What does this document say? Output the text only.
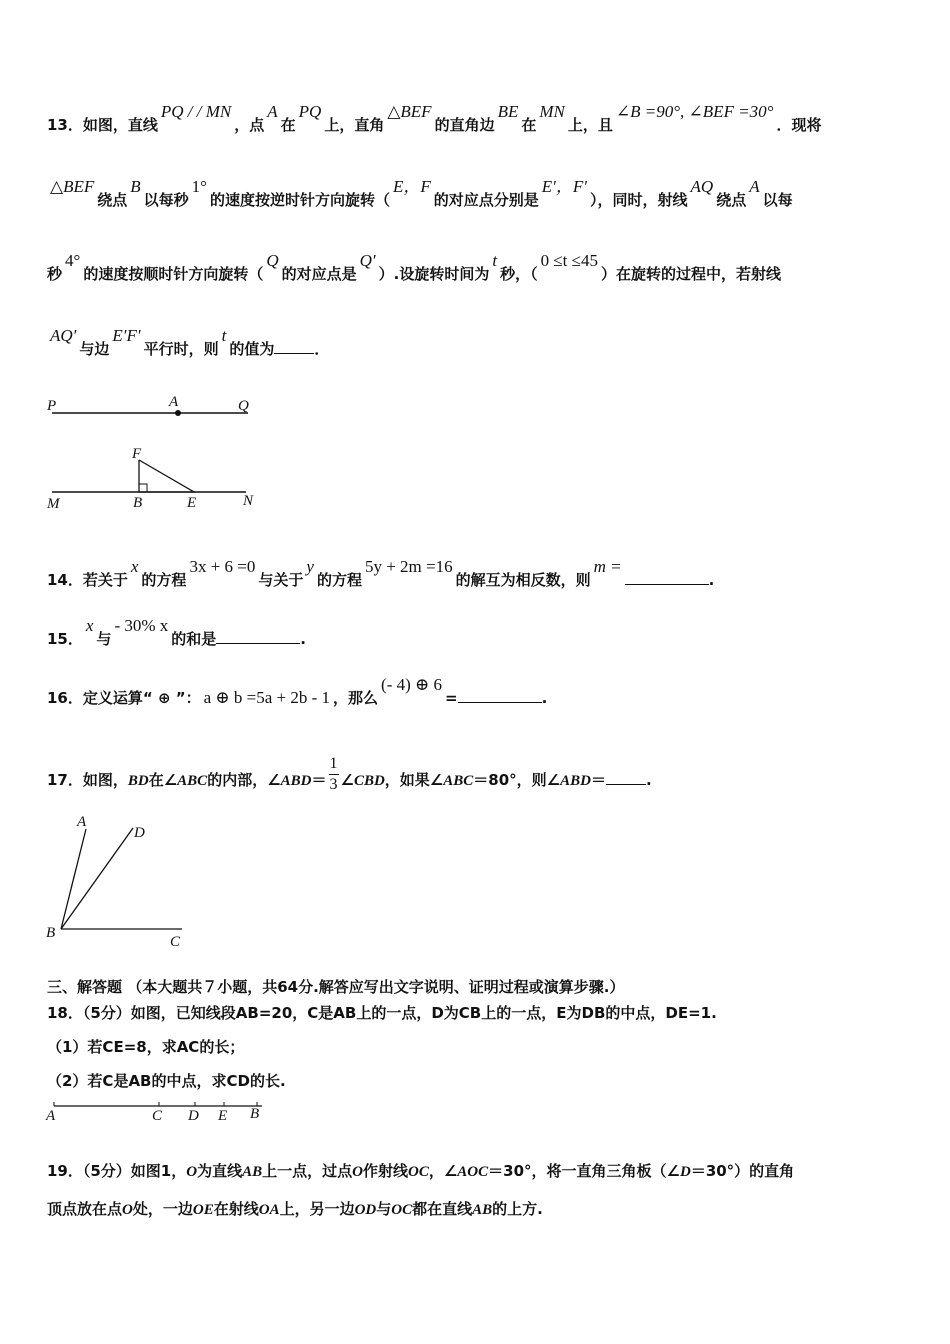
13．如图，直线PQ / / MN，点A在PQ上，直角△BEF的直角边BE在MN上，且∠B =90°, ∠BEF =30°．现将
△BEF绕点B以每秒1°的速度按逆时针方向旋转（E，F的对应点分别是E′，F′），同时，射线AQ绕点A以每
秒4°的速度按顺时针方向旋转（Q的对应点是Q′）.设旋转时间为t秒，（0 ≤t ≤45）在旋转的过程中，若射线
AQ′与边E′F′平行时，则t的值为	．
P	A	Q
F
M	B	E	N
A
D
B
C
A	C D E B
14．若关于x的方程3x + 6 =0与关于y的方程5y + 2m =16的解互为相反数，则m =.
15．x与- 30% x的和是	.
16．定义运算“ ⊕ ”： a ⊕ b =5a + 2b - 1 ，那么(- 4) ⊕ 6=	.
17．如图，BD在∠ABC的内部，∠ABD＝ $\frac{1}{3}$ ∠CBD，如果∠ABC＝80°，则∠ABD＝	.
三、解答题 （本大题共７小题，共64分.解答应写出文字说明、证明过程或演算步骤.）
18．（5分）如图，已知线段AB=20，C是AB上的一点，D为CB上的一点，E为DB的中点，DE=1.
（1）若CE=8，求AC的长；
（2）若C是AB的中点，求CD的长.
19．（5分）如图1，O为直线AB上一点，过点O作射线OC，∠AOC＝30°，将一直角三角板（∠D＝30°）的直角
顶点放在点O处，一边OE在射线OA上，另一边OD与OC都在直线AB的上方.
